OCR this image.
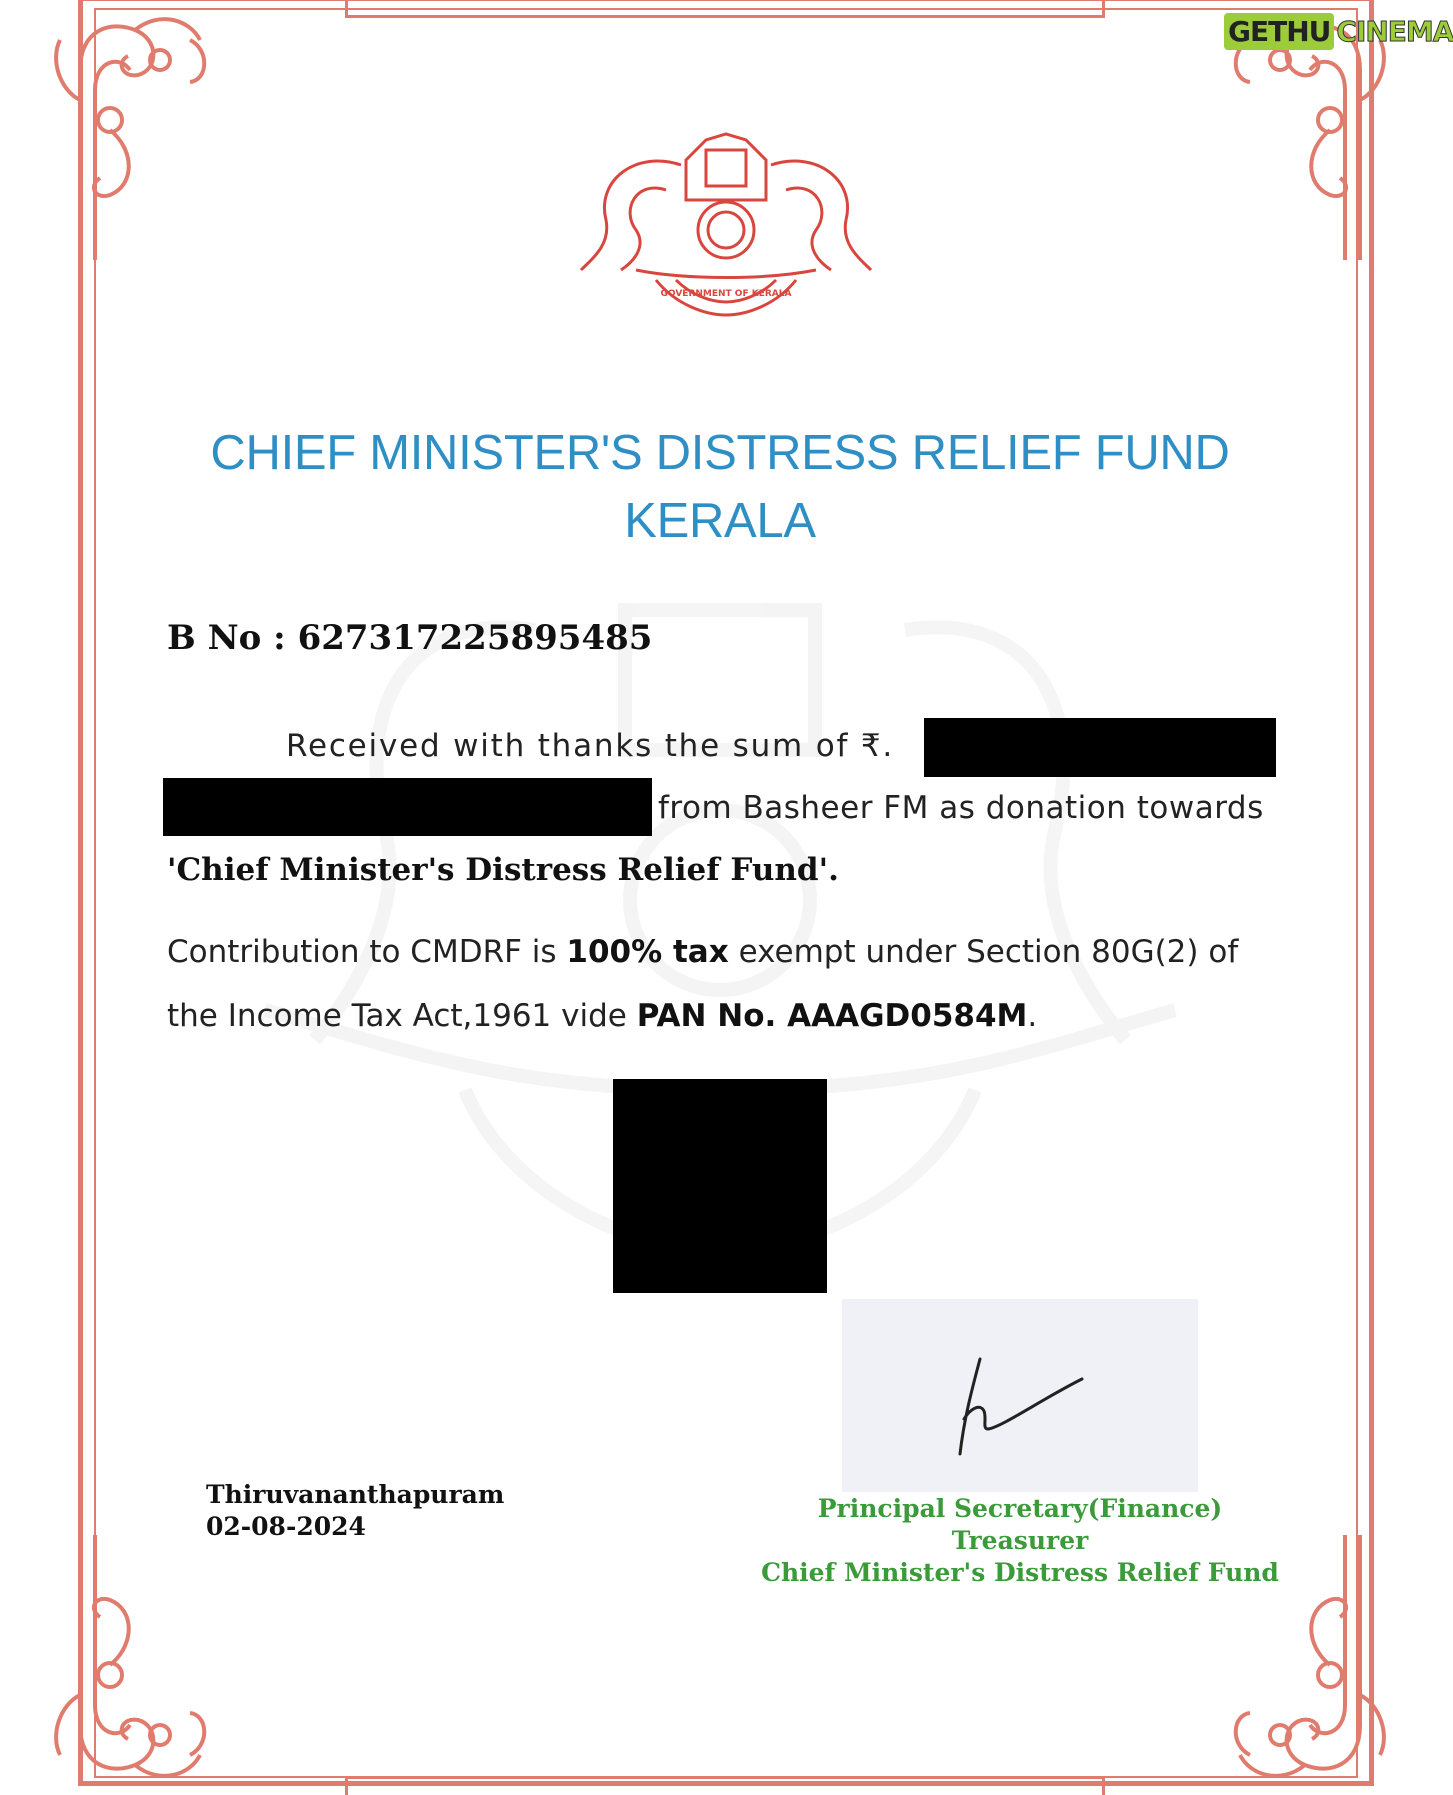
GOVERNMENT OF KERALA
GETHU CINEMA
CHIEF MINISTER'S DISTRESS RELIEF FUND
KERALA
B No : 627317225895485
Received with thanks the sum of ₹.
from Basheer FM as donation towards
'Chief Minister's Distress Relief Fund'.
Contribution to CMDRF is 100% tax exempt under Section 80G(2) of
the Income Tax Act,1961 vide PAN No. AAAGD0584M.
Thiruvananthapuram
02-08-2024
Principal Secretary(Finance)
Treasurer
Chief Minister's Distress Relief Fund
